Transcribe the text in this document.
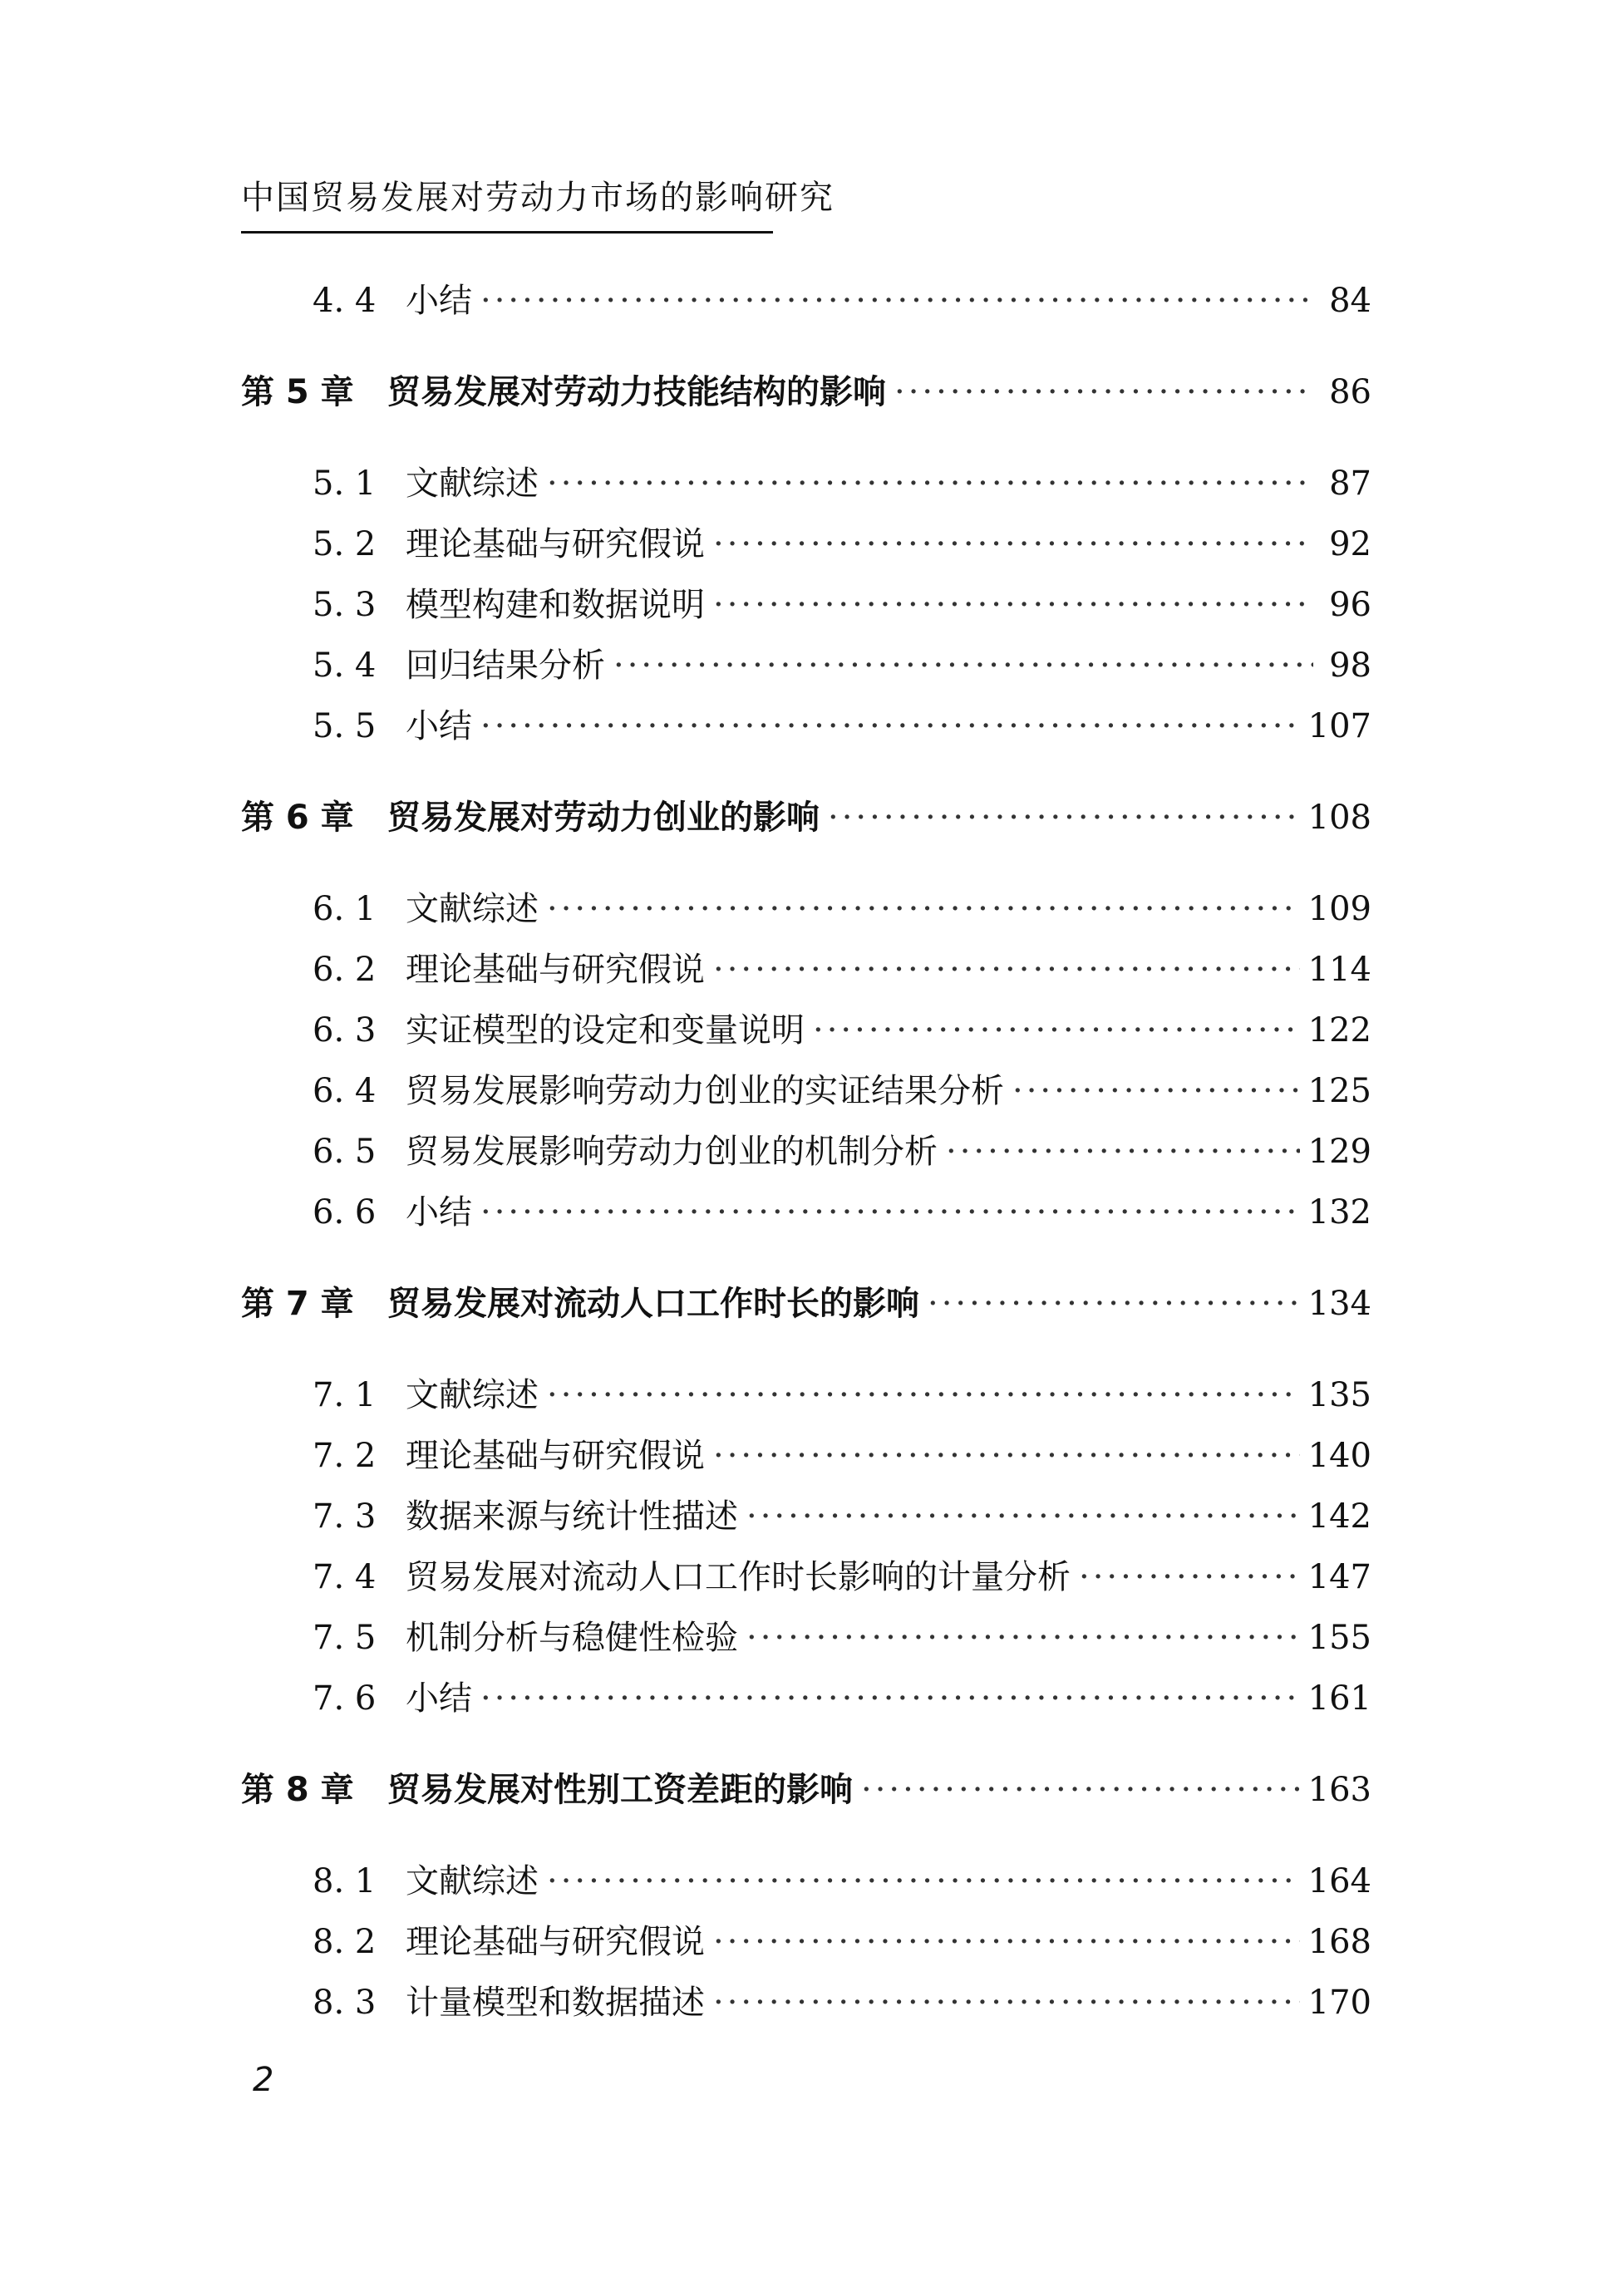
中国贸易发展对劳动力市场的影响研究
4. 4 小结 ·····	84
第 5 章	贸易发展对劳动力技能结构的影响 ·····	86
5. 1 文献综述 ·····	87
5. 2 理论基础与研究假说 ·····	92
5. 3 模型构建和数据说明 ·····	96
5. 4 回归结果分析 ·····	98
5. 5 小结 ·····	107
第 6 章	贸易发展对劳动力创业的影响 ·····	108
6. 1 文献综述 ·····	109
6. 2 理论基础与研究假说 ·····	114
6. 3 实证模型的设定和变量说明 ·····	122
6. 4 贸易发展影响劳动力创业的实证结果分析 ·····	125
6. 5 贸易发展影响劳动力创业的机制分析 ·····	129
6. 6 小结 ·····	132
第 7 章	贸易发展对流动人口工作时长的影响 ·····	134
7. 1 文献综述 ·····	135
7. 2 理论基础与研究假说 ·····	140
7. 3 数据来源与统计性描述 ·····	142
7. 4 贸易发展对流动人口工作时长影响的计量分析 ·····	147
7. 5 机制分析与稳健性检验 ·····	155
7. 6 小结 ·····	161
第 8 章	贸易发展对性别工资差距的影响 ·····	163
8. 1 文献综述 ·····	164
8. 2 理论基础与研究假说 ·····	168
8. 3 计量模型和数据描述 ·····	170
2
